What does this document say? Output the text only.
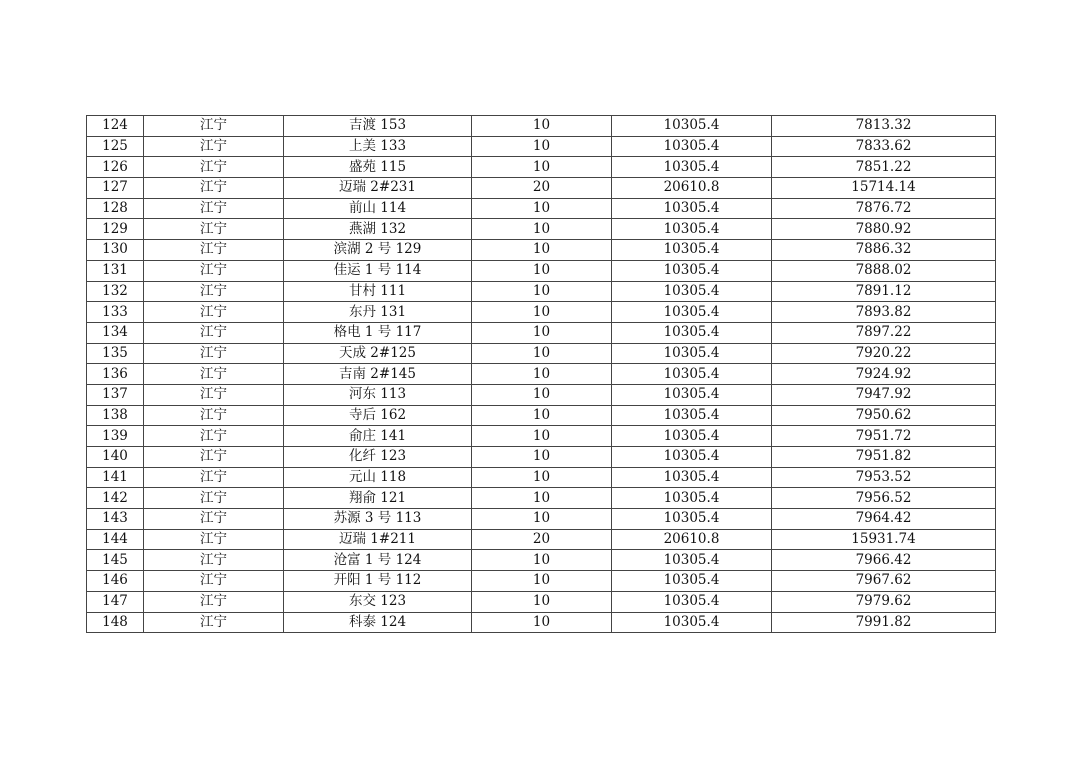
124	江宁	吉渡 153	10	10305.4	7813.32
125	江宁	上美 133	10	10305.4	7833.62
126	江宁	盛苑 115	10	10305.4	7851.22
127	江宁	迈瑞 2#231	20	20610.8	15714.14
128	江宁	前山 114	10	10305.4	7876.72
129	江宁	燕湖 132	10	10305.4	7880.92
130	江宁	滨湖 2 号 129	10	10305.4	7886.32
131	江宁	佳运 1 号 114	10	10305.4	7888.02
132	江宁	甘村 111	10	10305.4	7891.12
133	江宁	东丹 131	10	10305.4	7893.82
134	江宁	格电 1 号 117	10	10305.4	7897.22
135	江宁	天成 2#125	10	10305.4	7920.22
136	江宁	吉南 2#145	10	10305.4	7924.92
137	江宁	河东 113	10	10305.4	7947.92
138	江宁	寺后 162	10	10305.4	7950.62
139	江宁	俞庄 141	10	10305.4	7951.72
140	江宁	化纤 123	10	10305.4	7951.82
141	江宁	元山 118	10	10305.4	7953.52
142	江宁	翔俞 121	10	10305.4	7956.52
143	江宁	苏源 3 号 113	10	10305.4	7964.42
144	江宁	迈瑞 1#211	20	20610.8	15931.74
145	江宁	沧富 1 号 124	10	10305.4	7966.42
146	江宁	开阳 1 号 112	10	10305.4	7967.62
147	江宁	东交 123	10	10305.4	7979.62
148	江宁	科泰 124	10	10305.4	7991.82
